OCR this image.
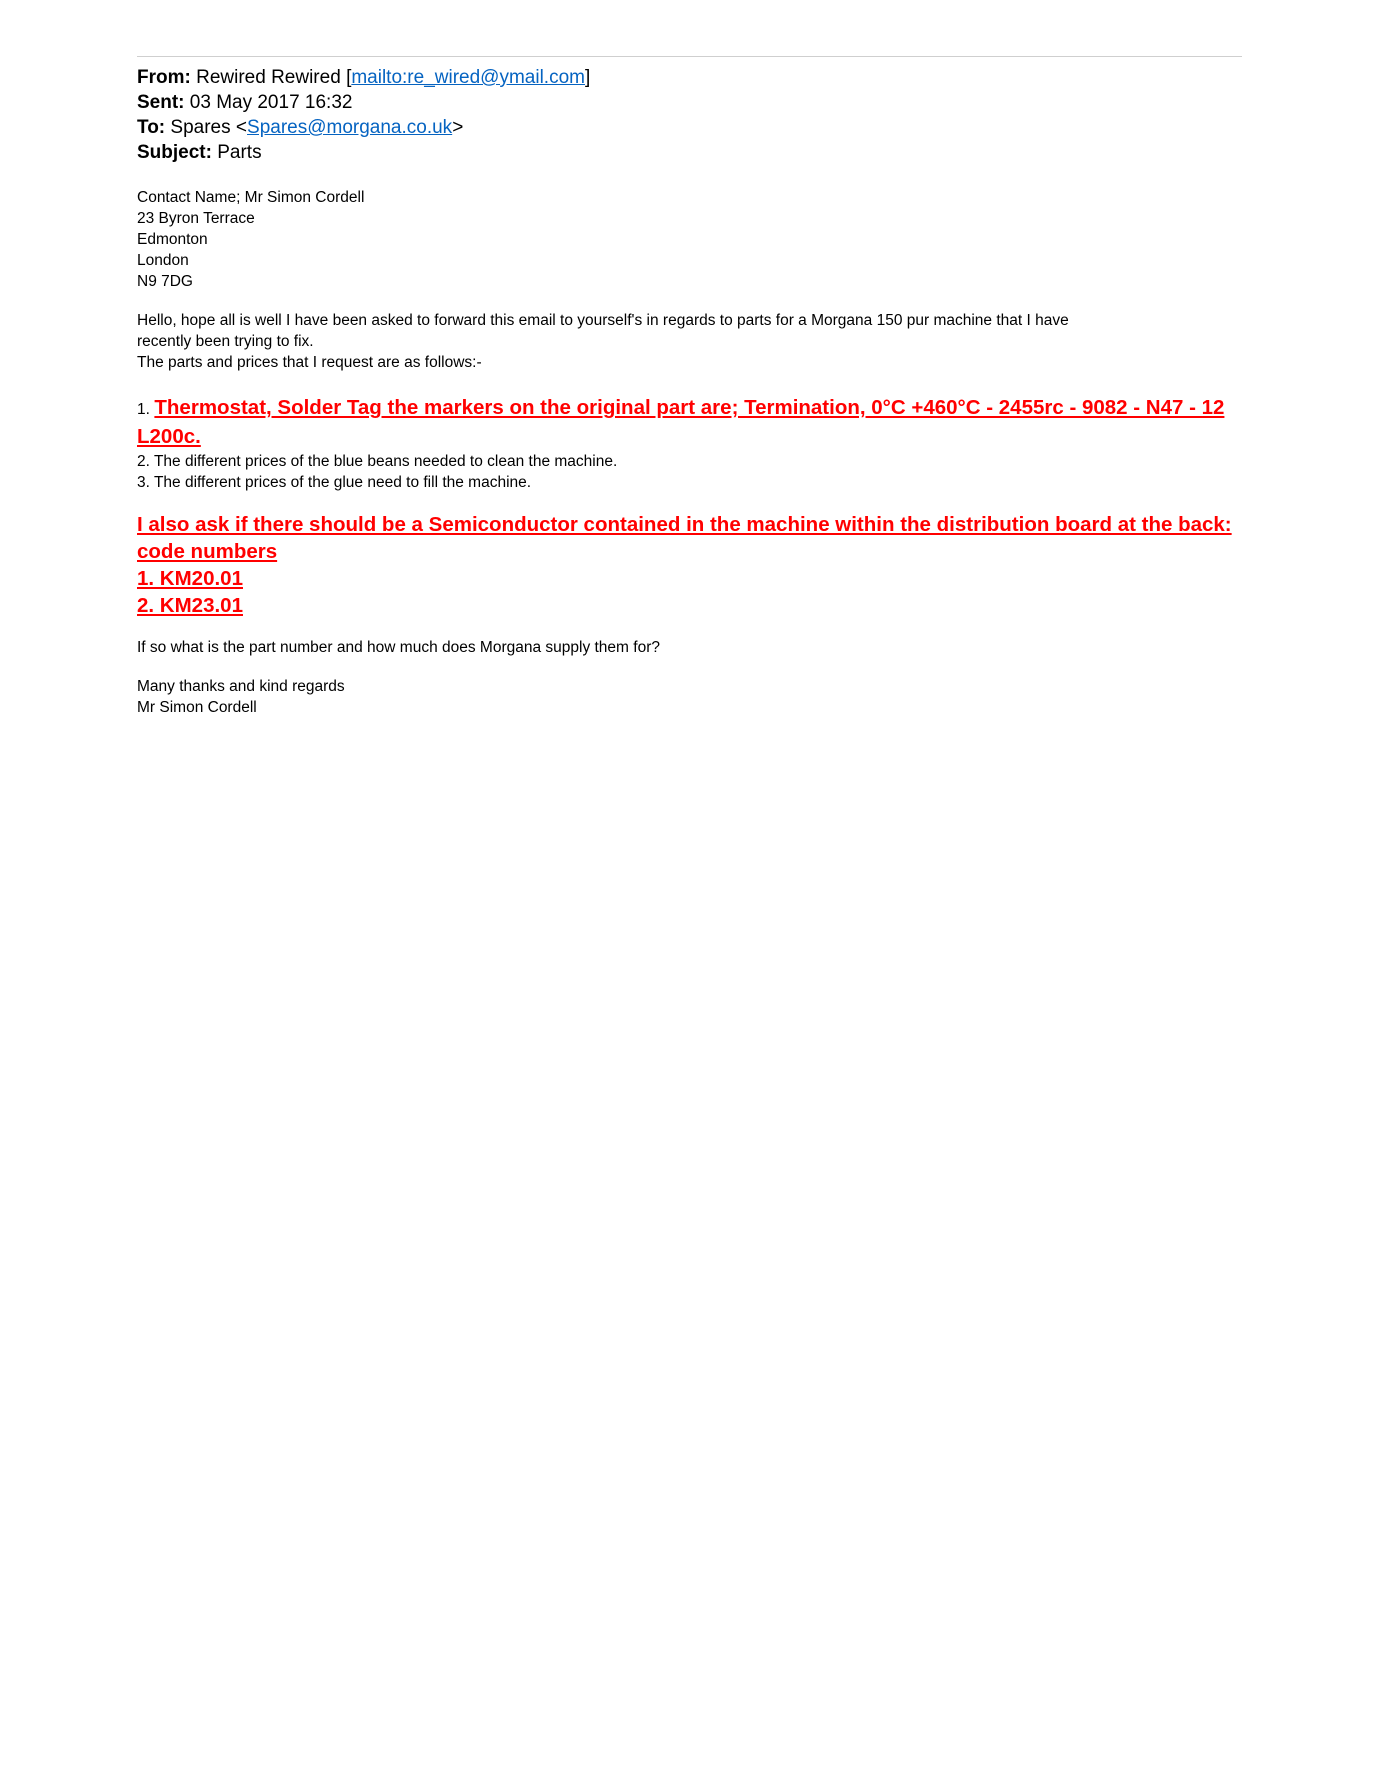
From: Rewired Rewired [mailto:re_wired@ymail.com]
Sent: 03 May 2017 16:32
To: Spares <Spares@morgana.co.uk>
Subject: Parts
Contact Name; Mr Simon Cordell
23 Byron Terrace
Edmonton
London
N9 7DG
Hello, hope all is well I have been asked to forward this email to yourself's in regards to parts for a Morgana 150 pur machine that I have
recently been trying to fix.
The parts and prices that I request are as follows:-
1. Thermostat, Solder Tag the markers on the original part are; Termination, 0°C +460°C - 2455rc - 9082 - N47 - 12 L200c.
2. The different prices of the blue beans needed to clean the machine.
3. The different prices of the glue need to fill the machine.
I also ask if there should be a Semiconductor contained in the machine within the distribution board at the back: code numbers
1. KM20.01
2. KM23.01
If so what is the part number and how much does Morgana supply them for?
Many thanks and kind regards
Mr Simon Cordell
